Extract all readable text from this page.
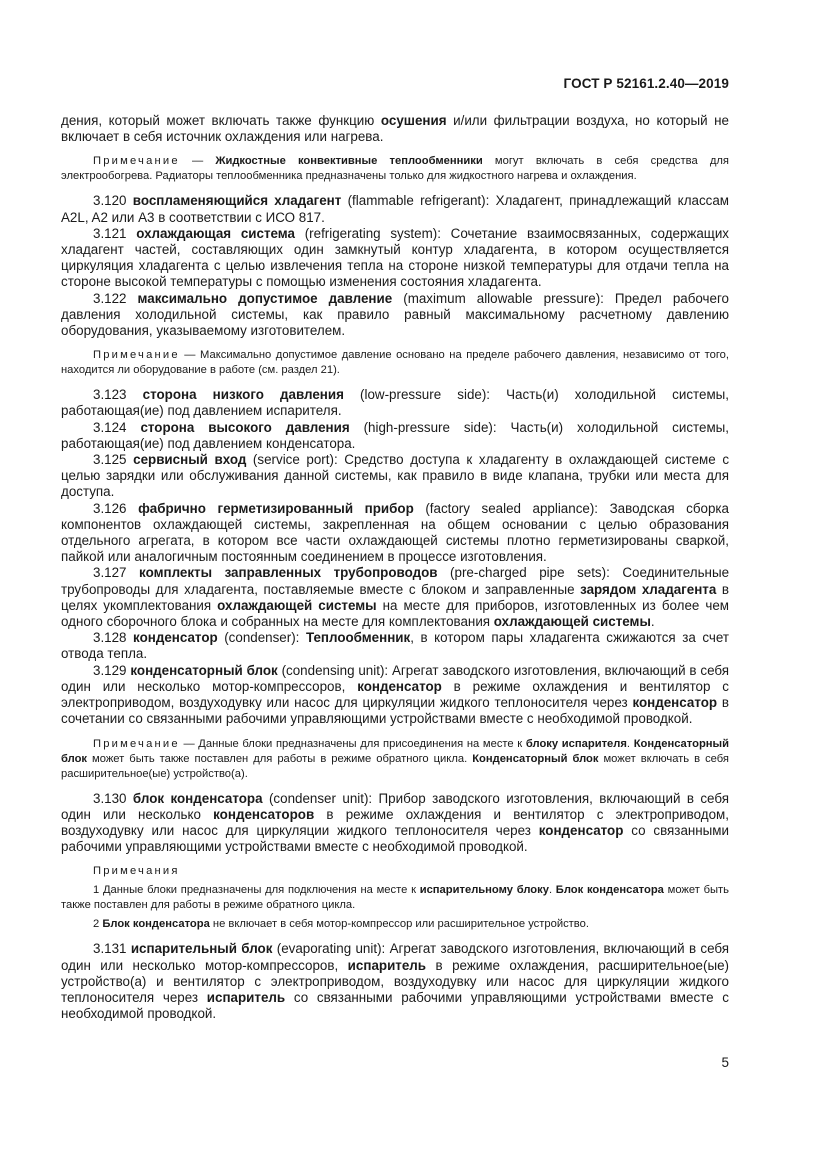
ГОСТ Р 52161.2.40—2019

дения, который может включать также функцию осушения и/или фильтрации воздуха, но который не включает в себя источник охлаждения или нагрева.

Примечание — Жидкостные конвективные теплообменники могут включать в себя средства для электрообогрева. Радиаторы теплообменника предназначены только для жидкостного нагрева и охлаждения.

3.120 воспламеняющийся хладагент (flammable refrigerant): Хладагент, принадлежащий классам A2L, A2 или A3 в соответствии с ИСО 817.

3.121 охлаждающая система (refrigerating system): Сочетание взаимосвязанных, содержащих хладагент частей, составляющих один замкнутый контур хладагента, в котором осуществляется циркуляция хладагента с целью извлечения тепла на стороне низкой температуры для отдачи тепла на стороне высокой температуры с помощью изменения состояния хладагента.

3.122 максимально допустимое давление (maximum allowable pressure): Предел рабочего давления холодильной системы, как правило равный максимальному расчетному давлению оборудования, указываемому изготовителем.

Примечание — Максимально допустимое давление основано на пределе рабочего давления, независимо от того, находится ли оборудование в работе (см. раздел 21).

3.123 сторона низкого давления (low-pressure side): Часть(и) холодильной системы, работающая(ие) под давлением испарителя.

3.124 сторона высокого давления (high-pressure side): Часть(и) холодильной системы, работающая(ие) под давлением конденсатора.

3.125 сервисный вход (service port): Средство доступа к хладагенту в охлаждающей системе с целью зарядки или обслуживания данной системы, как правило в виде клапана, трубки или места для доступа.

3.126 фабрично герметизированный прибор (factory sealed appliance): Заводская сборка компонентов охлаждающей системы, закрепленная на общем основании с целью образования отдельного агрегата, в котором все части охлаждающей системы плотно герметизированы сваркой, пайкой или аналогичным постоянным соединением в процессе изготовления.

3.127 комплекты заправленных трубопроводов (pre-charged pipe sets): Соединительные трубопроводы для хладагента, поставляемые вместе с блоком и заправленные зарядом хладагента в целях укомплектования охлаждающей системы на месте для приборов, изготовленных из более чем одного сборочного блока и собранных на месте для комплектования охлаждающей системы.

3.128 конденсатор (condenser): Теплообменник, в котором пары хладагента сжижаются за счет отвода тепла.

3.129 конденсаторный блок (condensing unit): Агрегат заводского изготовления, включающий в себя один или несколько мотор-компрессоров, конденсатор в режиме охлаждения и вентилятор с электроприводом, воздуходувку или насос для циркуляции жидкого теплоносителя через конденсатор в сочетании со связанными рабочими управляющими устройствами вместе с необходимой проводкой.

Примечание — Данные блоки предназначены для присоединения на месте к блоку испарителя. Конденсаторный блок может быть также поставлен для работы в режиме обратного цикла. Конденсаторный блок может включать в себя расширительное(ые) устройство(а).

3.130 блок конденсатора (condenser unit): Прибор заводского изготовления, включающий в себя один или несколько конденсаторов в режиме охлаждения и вентилятор с электроприводом, воздуходувку или насос для циркуляции жидкого теплоносителя через конденсатор со связанными рабочими управляющими устройствами вместе с необходимой проводкой.

Примечания

1 Данные блоки предназначены для подключения на месте к испарительному блоку. Блок конденсатора может быть также поставлен для работы в режиме обратного цикла.

2 Блок конденсатора не включает в себя мотор-компрессор или расширительное устройство.

3.131 испарительный блок (evaporating unit): Агрегат заводского изготовления, включающий в себя один или несколько мотор-компрессоров, испаритель в режиме охлаждения, расширительное(ые) устройство(а) и вентилятор с электроприводом, воздуходувку или насос для циркуляции жидкого теплоносителя через испаритель со связанными рабочими управляющими устройствами вместе с необходимой проводкой.

5
